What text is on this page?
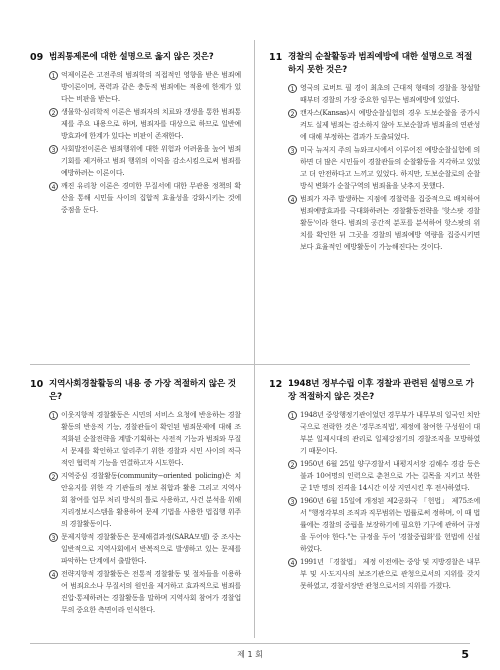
09 범죄통제론에 대한 설명으로 옳지 않은 것은?
1 억제이론은 고전주의 범죄학의 직접적인 영향을 받은 범죄예방이론이며, 폭력과 같은 충동적 범죄에는 적용에 한계가 있다는 비판을 받는다.
2 생물학·심리학적 이론은 범죄자의 치료와 갱생을 통한 범죄통제를 주요 내용으로 하며, 범죄자를 대상으로 하므로 일반예방효과에 한계가 있다는 비판이 존재한다.
3 사회발전이론은 범죄행위에 대한 위험과 어려움을 높여 범죄기회를 제거하고 범죄 행위의 이익을 감소시킴으로써 범죄를 예방하려는 이론이다.
4 깨진 유리창 이론은 경미한 무질서에 대한 무관용 정책의 확산을 통해 시민들 사이의 집합적 효율성을 강화시키는 것에 중점을 둔다.
11 경찰의 순찰활동과 범죄예방에 대한 설명으로 적절하지 못한 것은?
1 영국의 로버트 필 경이 최초의 근대적 형태의 경찰을 창설할 때부터 경찰의 가장 중요한 임무는 범죄예방에 있었다.
2 캔자스(Kansas)시 예방순찰실험의 경우 도보순찰을 증가시켜도 실제 범죄는 감소하지 않아 도보순찰과 범죄율의 연관성에 대해 부정하는 결과가 도출되었다.
3 미국 뉴저지 주의 뉴와크시에서 이루어진 예방순찰실험에 의하면 더 많은 시민들이 경찰관들의 순찰활동을 지각하고 있었고 더 안전하다고 느끼고 있었다. 하지만, 도보순찰로의 순찰방식 변화가 순찰구역의 범죄율을 낮추지 못했다.
4 범죄가 자주 발생하는 지점에 경찰력을 집중적으로 배치하여 범죄예방효과를 극대화하려는 경찰활동전략을 '핫스팟 경찰활동'이라 한다. 범죄의 공간적 분포를 분석하여 핫스팟의 위치를 확인한 뒤 그곳을 경찰의 범죄예방 역량을 집중시키면 보다 효율적인 예방활동이 가능해진다는 것이다.
10 지역사회경찰활동의 내용 중 가장 적절하지 않은 것은?
1 이웃지향적 경찰활동은 시민의 서비스 요청에 반응하는 경찰활동의 반응적 기능, 경찰관들이 확인된 범죄문제에 대해 조직화된 순찰전략을 계발·기획하는 사전적 기능과 범죄와 무질서 문제를 확인하고 알리주기 위한 경찰과 시민 사이의 적극적인 협력적 기능을 연결하고자 시도한다.
2 지역중심 경찰활동(community−oriented policing)은 치안유지를 위한 각 기관들의 정보 취합과 활용 그리고 지역사회 참여를 업무 처리 방식의 틀로 사용하고, 사건 분석을 위해 지리정보시스템을 활용하여 문제 기법을 사용한 법집행 위주의 경찰활동이다.
3 문제지향적 경찰활동은 문제해결과정(SARA모델) 중 조사는 일반적으로 지역사회에서 반복적으로 발생하고 있는 문제를 파악하는 단계에서 출발한다.
4 전략지향적 경찰활동은 전통적 경찰활동 및 절차들을 이용하여 범죄요소나 무질서의 원인을 제거하고 효과적으로 범죄를 진압·통제하려는 경찰활동을 말하며 지역사회 참여가 경찰업무의 중요한 측면이라 인식한다.
12 1948년 정부수립 이후 경찰과 관련된 설명으로 가장 적절하지 않은 것은?
1 1948년 중앙행정기관이었던 경무부가 내무부의 일국인 치안국으로 전락한 것은 '경무조직법', 제정에 참여한 구성원이 대부분 일제시대의 관리로 일제강점기의 경찰조직을 모방하였기 때문이다.
2 1950년 6월 25일 양구경찰서 내평지서장 김해수 경감 등은 불과 10여명의 인력으로 춘천으로 가는 길목을 지키고 북한군 1만 명의 진격을 14시간 이상 지연시킨 후 전사하였다.
3 1960년 6월 15일에 개정된 제2공화국 「헌법」 제75조에서 "행정각부의 조직과 직무범위는 법률로써 정하며, 이 때 법률에는 경찰의 중립을 보장하기에 필요한 기구에 관하여 규정을 두어야 한다."는 규정을 두어 '경찰중립화'를 헌법에 신설하였다.
4 1991년 「경찰법」 제정 이전에는 중앙 및 지방경찰은 내무부 및 시·도지사의 보조기관으로 관청으로서의 지위를 갖지 못하였고, 경찰서장만 관청으로서의 지위를 가졌다.
제 1 회	5
